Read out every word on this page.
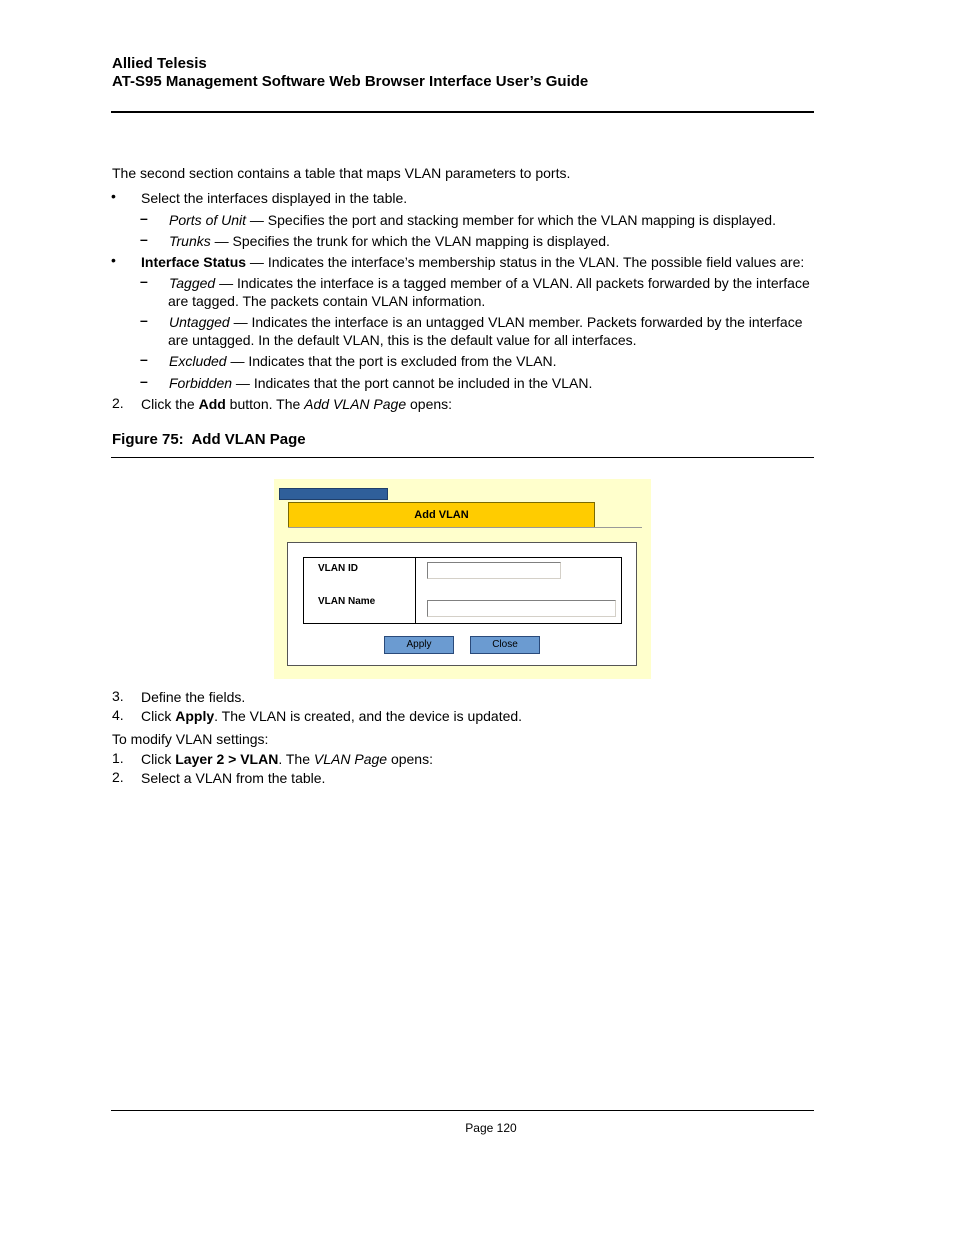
Allied Telesis
AT-S95 Management Software Web Browser Interface User’s Guide
The second section contains a table that maps VLAN parameters to ports.
• Select the interfaces displayed in the table.
– Ports of Unit — Specifies the port and stacking member for which the VLAN mapping is displayed.
– Trunks — Specifies the trunk for which the VLAN mapping is displayed.
• Interface Status — Indicates the interface’s membership status in the VLAN. The possible field values are:
– Tagged — Indicates the interface is a tagged member of a VLAN. All packets forwarded by the interface
are tagged. The packets contain VLAN information.
– Untagged — Indicates the interface is an untagged VLAN member. Packets forwarded by the interface
are untagged. In the default VLAN, this is the default value for all interfaces.
– Excluded — Indicates that the port is excluded from the VLAN.
– Forbidden — Indicates that the port cannot be included in the VLAN.
2. Click the Add button. The Add VLAN Page opens:
Figure 75:  Add VLAN Page
Add VLAN
VLAN ID
VLAN Name
Apply	Close
3. Define the fields.
4. Click Apply. The VLAN is created, and the device is updated.
To modify VLAN settings:
1. Click Layer 2 > VLAN. The VLAN Page opens:
2. Select a VLAN from the table.
Page 120
